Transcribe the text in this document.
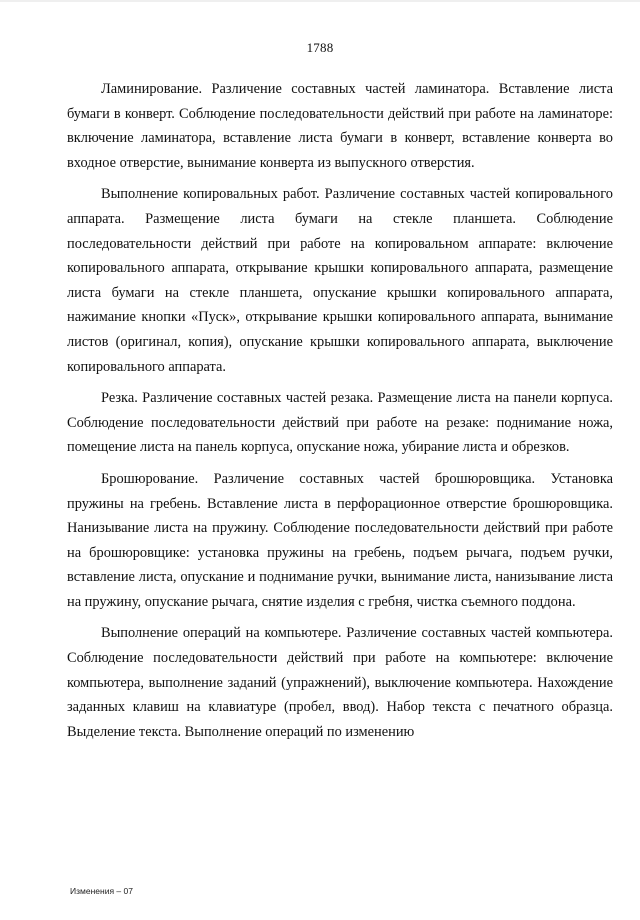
1788

Ламинирование. Различение составных частей ламинатора. Вставление листа бумаги в конверт. Соблюдение последовательности действий при работе на ламинаторе: включение ламинатора, вставление листа бумаги в конверт, вставление конверта во входное отверстие, вынимание конверта из выпускного отверстия.

Выполнение копировальных работ. Различение составных частей копировального аппарата. Размещение листа бумаги на стекле планшета. Соблюдение последовательности действий при работе на копировальном аппарате: включение копировального аппарата, открывание крышки копировального аппарата, размещение листа бумаги на стекле планшета, опускание крышки копировального аппарата, нажимание кнопки «Пуск», открывание крышки копировального аппарата, вынимание листов (оригинал, копия), опускание крышки копировального аппарата, выключение копировального аппарата.

Резка. Различение составных частей резака. Размещение листа на панели корпуса. Соблюдение последовательности действий при работе на резаке: поднимание ножа, помещение листа на панель корпуса, опускание ножа, убирание листа и обрезков.

Брошюрование. Различение составных частей брошюровщика. Установка пружины на гребень. Вставление листа в перфорационное отверстие брошюровщика. Нанизывание листа на пружину. Соблюдение последовательности действий при работе на брошюровщике: установка пружины на гребень, подъем рычага, подъем ручки, вставление листа, опускание и поднимание ручки, вынимание листа, нанизывание листа на пружину, опускание рычага, снятие изделия с гребня, чистка съемного поддона.

Выполнение операций на компьютере. Различение составных частей компьютера. Соблюдение последовательности действий при работе на компьютере: включение компьютера, выполнение заданий (упражнений), выключение компьютера. Нахождение заданных клавиш на клавиатуре (пробел, ввод). Набор текста с печатного образца. Выделение текста. Выполнение операций по изменению

Изменения – 07
